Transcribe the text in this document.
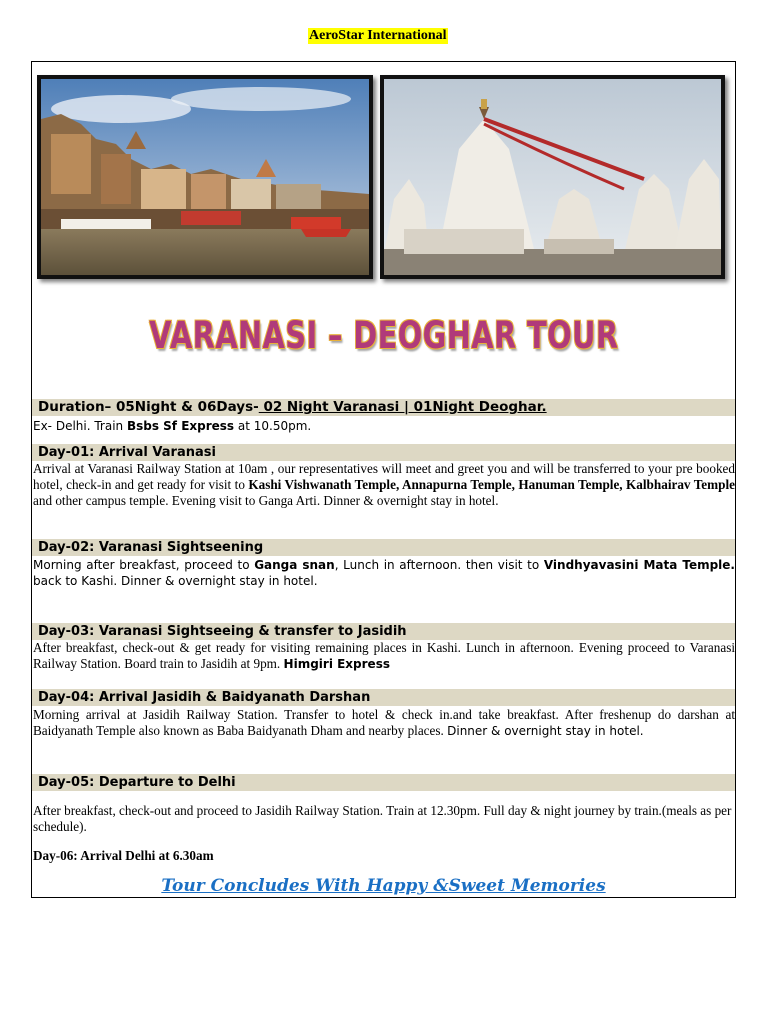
AeroStar International
VARANASI – DEOGHAR TOUR
Duration– 05Night & 06Days- 02 Night Varanasi | 01Night Deoghar.
Ex- Delhi. Train Bsbs Sf Express at 10.50pm.
Day-01: Arrival Varanasi
Arrival at Varanasi Railway Station at 10am , our representatives will meet and greet you and will be transferred to your pre booked hotel, check-in and get ready for visit to Kashi Vishwanath Temple, Annapurna Temple, Hanuman Temple, Kalbhairav Temple and other campus temple. Evening visit to Ganga Arti. Dinner & overnight stay in hotel.
Day-02: Varanasi Sightseening
Morning after breakfast, proceed to Ganga snan, Lunch in afternoon. then visit to Vindhyavasini Mata Temple. back to Kashi. Dinner & overnight stay in hotel.
Day-03: Varanasi Sightseeing & transfer to Jasidih
After breakfast, check-out & get ready for visiting remaining places in Kashi. Lunch in afternoon. Evening proceed to Varanasi Railway Station. Board train to Jasidih at 9pm. Himgiri Express
Day-04: Arrival Jasidih & Baidyanath Darshan
Morning arrival at Jasidih Railway Station. Transfer to hotel & check in.and take breakfast. After freshenup do darshan at Baidyanath Temple also known as Baba Baidyanath Dham and nearby places. Dinner & overnight stay in hotel.
Day-05: Departure to Delhi
After breakfast, check-out and proceed to Jasidih Railway Station. Train at 12.30pm. Full day & night journey by train.(meals as per schedule).
Day-06: Arrival Delhi at 6.30am
Tour Concludes With Happy &Sweet Memories
